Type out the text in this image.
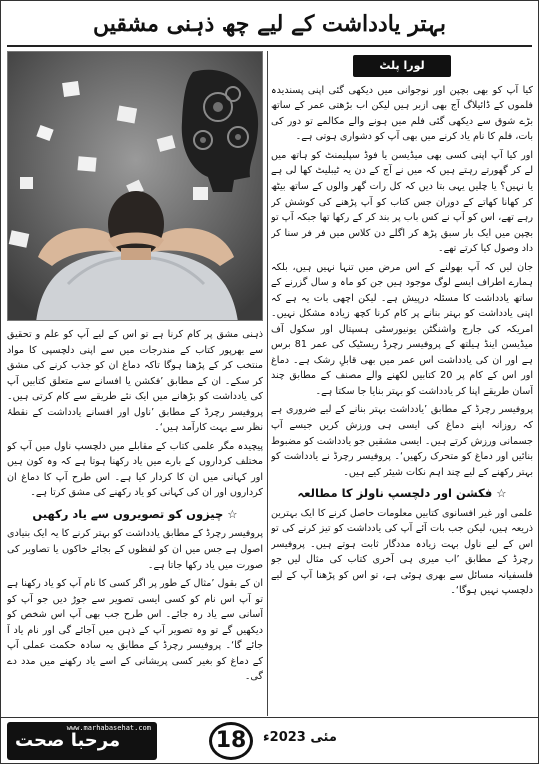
بہتر یادداشت کے لیے چھ ذہنی مشقیں
لورا پلٹ

کیا آپ کو بھی بچپن اور نوجوانی میں دیکھی گئی اپنی پسندیدہ فلموں کے ڈائیلاگ آج بھی ازبر ہیں لیکن اب بڑھتی عمر کے ساتھ بڑے شوق سے دیکھی گئی فلم میں ہونے والے مکالمے تو دور کی بات، فلم کا نام یاد کرنے میں بھی آپ کو دشواری ہوتی ہے۔

اور کیا آپ اپنی کسی بھی میڈیسن یا فوڈ سپلیمنٹ کو ہاتھ میں لے کر گھورتے رہتے ہیں کہ میں نے آج کے دن یہ ٹیبلیٹ کھا لی ہے یا نہیں؟ یا چلیں یہی بتا دیں کہ کل رات گھر والوں کے ساتھ بیٹھ کر کھانا کھاتے کے دوران جس کتاب کو آپ پڑھنے کی کوشش کر رہے تھے، اس کو آپ نے کس باب پر بند کر کے رکھا تھا جبکہ آپ تو بچپن میں ایک بار سبق پڑھ کر اگلے دن کلاس میں فر فر سنا کر داد وصول کیا کرتے تھے۔

جان لیں کہ آپ بھولنے کے اس مرض میں تنہا نہیں ہیں، بلکہ ہمارے اطراف ایسے لوگ موجود ہیں جن کو ماہ و سال گزرنے کے ساتھ یادداشت کا مسئلہ درپیش ہے۔ لیکن اچھی بات یہ ہے کہ اپنی یادداشت کو بہتر بنانے پر کام کرنا کچھ زیادہ مشکل نہیں۔ امریکہ کی جارج واشنگٹن یونیورسٹی ہسپتال اور سکول آف میڈیسن اینڈ ہیلتھ کے پروفیسر رچرڈ ریسٹیک کی عمر 81 برس ہے اور ان کی یادداشت اس عمر میں بھی قابلِ رشک ہے۔ دماغ اور اس کے کام پر 20 کتابیں لکھنے والے مصنف کے مطابق چند آسان طریقے اپنا کر یادداشت کو بہتر بنایا جا سکتا ہے۔

پروفیسر رچرڈ کے مطابق ’یادداشت بہتر بنانے کے لیے ضروری ہے کہ روزانہ اپنے دماغ کی ایسی ہی ورزش کریں جیسے آپ جسمانی ورزش کرتے ہیں۔ ایسی مشقیں جو یادداشت کو مضبوط بنائیں اور دماغ کو متحرک رکھیں‘۔ پروفیسر رچرڈ نے یادداشت کو بہتر رکھنے کے لیے چند اہم نکات شیئر کیے ہیں۔

☆ فکشن اور دلچسپ ناولز کا مطالعہ

علمی اور غیر افسانوی کتابیں معلومات حاصل کرنے کا ایک بہترین ذریعہ ہیں، لیکن جب بات آئے آپ کی یادداشت کو تیز کرنے کی تو اس کے لیے ناول بہت زیادہ مددگار ثابت ہوتے ہیں۔ پروفیسر رچرڈ کے مطابق ’اب میری ہی آخری کتاب کی مثال لیں جو فلسفیانہ مسائل سے بھری ہوئی ہے، تو اس کو پڑھنا آپ کے لیے دلچسپ نہیں ہوگا‘۔

ذہنی مشق پر کام کرنا ہے تو اس کے لیے آپ کو علم و تحقیق سے بھرپور کتاب کے مندرجات میں سے اپنی دلچسپی کا مواد منتخب کر کے پڑھنا ہوگا تاکہ دماغ ان کو جذب کرنے کی مشق کر سکے۔ ان کے مطابق ’فکشن یا افسانے سے متعلق کتابیں آپ کی یادداشت کو بڑھانے میں ایک نئے طریقے سے کام کرتی ہیں۔ پروفیسر رچرڈ کے مطابق ’ناول اور افسانے یادداشت کے نقطۂ نظر سے بہت کارآمد ہیں‘۔

پیچیدہ مگر علمی کتاب کے مقابلے میں دلچسپ ناول میں آپ کو مختلف کرداروں کے بارے میں یاد رکھنا ہوتا ہے کہ وہ کون ہیں اور کہانی میں ان کا کردار کیا ہے۔ اس طرح آپ کا دماغ ان کرداروں اور ان کی کہانی کو یاد رکھنے کی مشق کرتا ہے۔

☆ چیزوں کو تصویروں سے یاد رکھیں

پروفیسر رچرڈ کے مطابق یادداشت کو بہتر کرنے کا یہ ایک بنیادی اصول ہے جس میں ان کو لفظوں کے بجائے خاکوں یا تصاویر کی صورت میں یاد رکھا جاتا ہے۔

ان کے بقول ’مثال کے طور پر اگر کسی کا نام آپ کو یاد رکھنا ہے تو آپ اس نام کو کسی ایسی تصویر سے جوڑ دیں جو آپ کو آسانی سے یاد رہ جائے۔ اس طرح جب بھی آپ اس شخص کو دیکھیں گے تو وہ تصویر آپ کے ذہن میں آجائے گی اور نام یاد آ جائے گا‘۔ پروفیسر رچرڈ کے مطابق یہ سادہ حکمت عملی آپ کے دماغ کو بغیر کسی پریشانی کے اسے یاد رکھنے میں مدد دے گی۔

www.marhabasehat.com
مرحبا صحت	18	مئی 2023ء
